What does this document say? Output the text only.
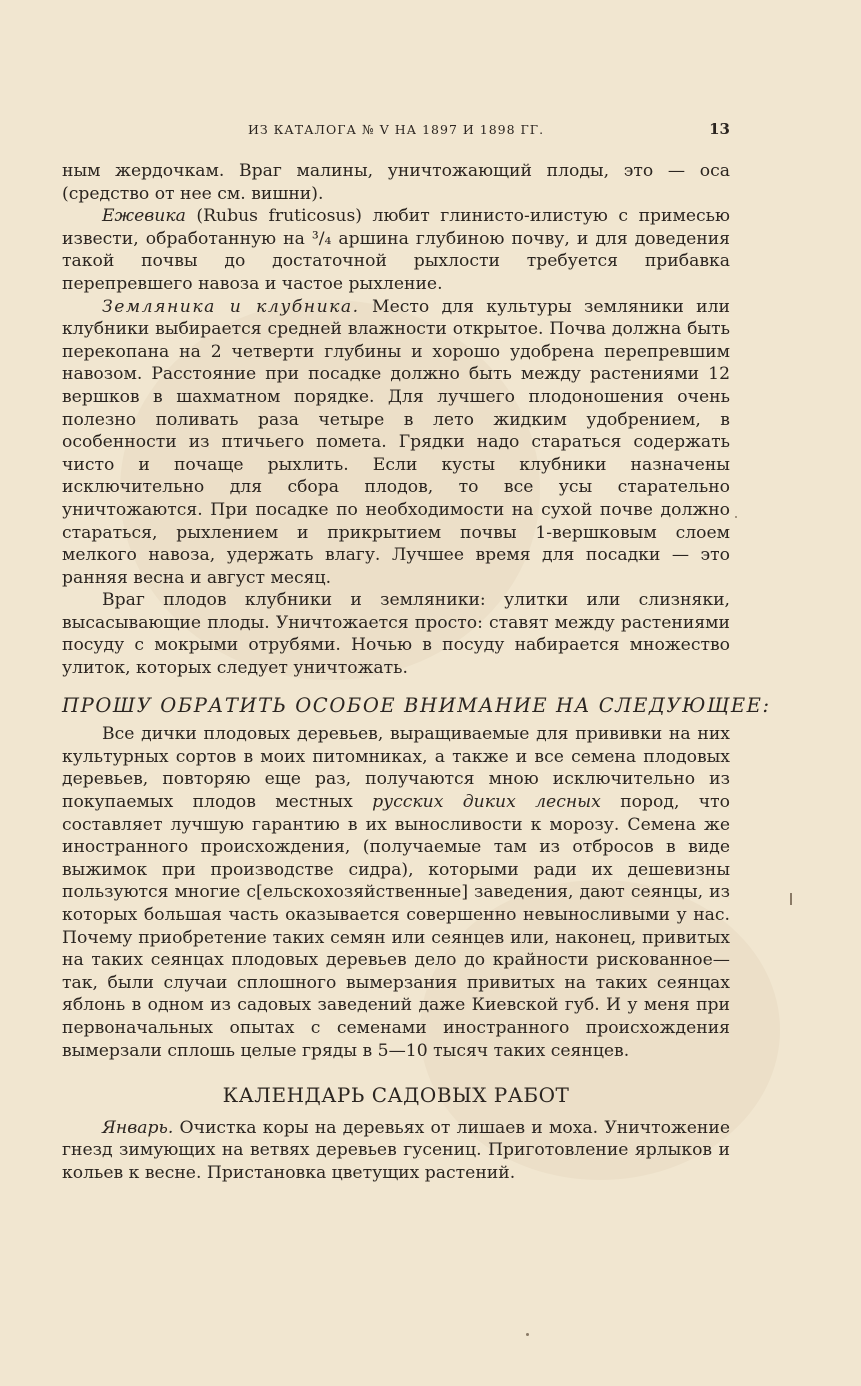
ИЗ КАТАЛОГА № V НА 1897 И 1898 ГГ.	13

ным жердочкам. Враг малины, уничтожающий плоды, это — оса (средство от нее см. вишни).

Ежевика (Rubus fruticosus) любит глинисто-илистую с примесью извести, обработанную на ³/₄ аршина глубиною почву, и для доведения такой почвы до достаточной рыхлости требуется прибавка перепревшего навоза и частое рыхление.

Земляника и клубника. Место для культуры земляники или клубники выбирается средней влажности открытое. Почва должна быть перекопана на 2 четверти глубины и хорошо удобрена перепревшим навозом. Расстояние при посадке должно быть между растениями 12 вершков в шахматном порядке. Для лучшего плодоношения очень полезно поливать раза четыре в лето жидким удобрением, в особенности из птичьего помета. Грядки надо стараться содержать чисто и почаще рыхлить. Если кусты клубники назначены исключительно для сбора плодов, то все усы старательно уничтожаются. При посадке по необходимости на сухой почве должно стараться, рыхлением и прикрытием почвы 1-вершковым слоем мелкого навоза, удержать влагу. Лучшее время для посадки — это ранняя весна и август месяц.

Враг плодов клубники и земляники: улитки или слизняки, высасывающие плоды. Уничтожается просто: ставят между растениями посуду с мокрыми отрубями. Ночью в посуду набирается множество улиток, которых следует уничтожать.

ПРОШУ ОБРАТИТЬ ОСОБОЕ ВНИМАНИЕ НА СЛЕДУЮЩЕЕ:

Все дички плодовых деревьев, выращиваемые для прививки на них культурных сортов в моих питомниках, а также и все семена плодовых деревьев, повторяю еще раз, получаются мною исключительно из покупаемых плодов местных русских диких лесных пород, что составляет лучшую гарантию в их выносливости к морозу. Семена же иностранного происхождения, (получаемые там из отбросов в виде выжимок при производстве сидра), которыми ради их дешевизны пользуются многие с[ельскохозяйственные] заведения, дают сеянцы, из которых большая часть оказывается совершенно невыносливыми у нас. Почему приобретение таких семян или сеянцев или, наконец, привитых на таких сеянцах плодовых деревьев дело до крайности рискованное—так, были случаи сплошного вымерзания привитых на таких сеянцах яблонь в одном из садовых заведений даже Киевской губ. И у меня при первоначальных опытах с семенами иностранного происхождения вымерзали сплошь целые гряды в 5—10 тысяч таких сеянцев.

КАЛЕНДАРЬ САДОВЫХ РАБОТ

Январь. Очистка коры на деревьях от лишаев и моха. Уничтожение гнезд зимующих на ветвях деревьев гусениц. Приготовление ярлыков и кольев к весне. Пристановка цветущих растений.
